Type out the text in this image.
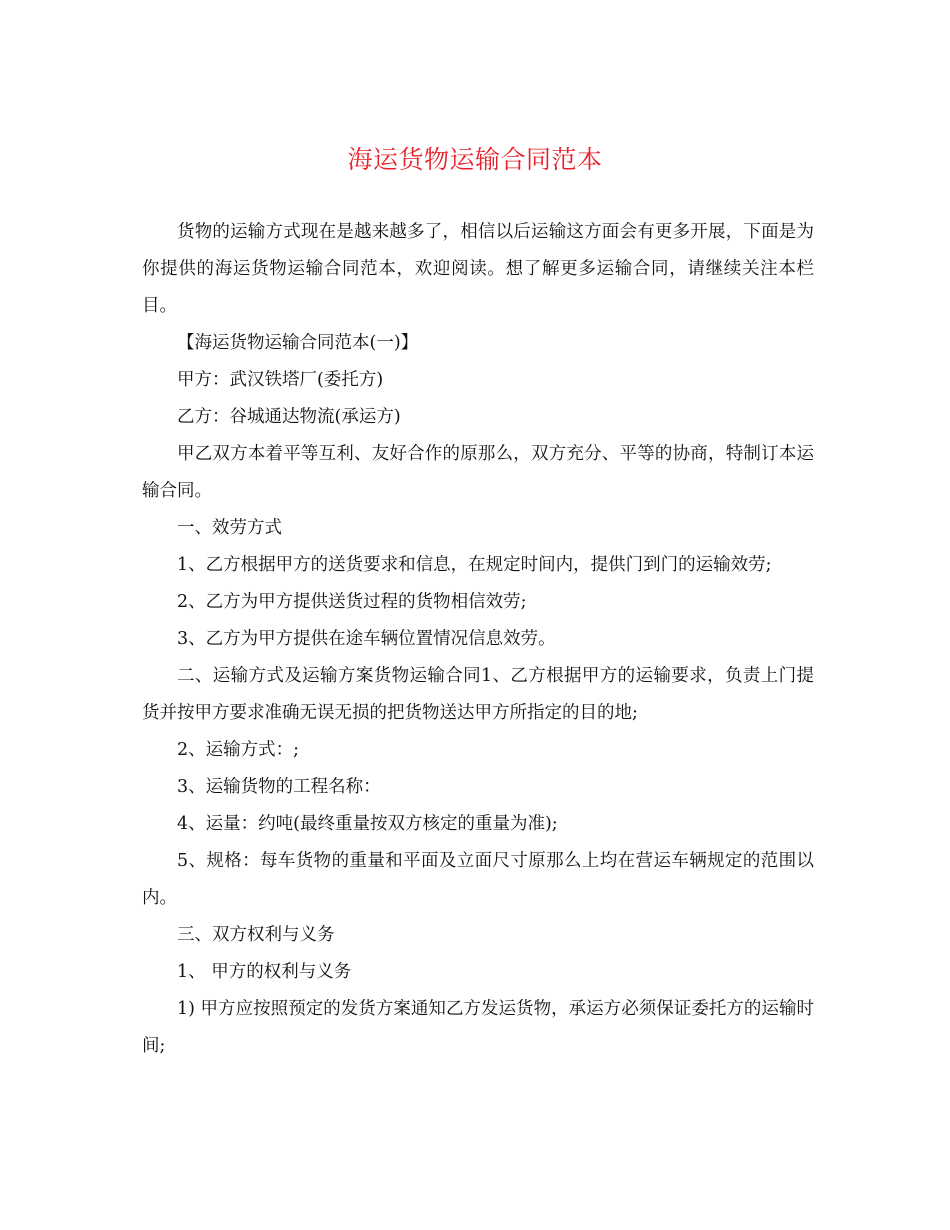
海运货物运输合同范本

货物的运输方式现在是越来越多了，相信以后运输这方面会有更多开展，下面是为你提供的海运货物运输合同范本，欢迎阅读。想了解更多运输合同，请继续关注本栏目。

【海运货物运输合同范本(一)】

甲方：武汉铁塔厂(委托方)

乙方：谷城通达物流(承运方)

甲乙双方本着平等互利、友好合作的原那么，双方充分、平等的协商，特制订本运输合同。

一、效劳方式

1、乙方根据甲方的送货要求和信息，在规定时间内，提供门到门的运输效劳;

2、乙方为甲方提供送货过程的货物相信效劳;

3、乙方为甲方提供在途车辆位置情况信息效劳。

二、运输方式及运输方案货物运输合同1、乙方根据甲方的运输要求，负责上门提货并按甲方要求准确无误无损的把货物送达甲方所指定的目的地;

2、运输方式：;

3、运输货物的工程名称：

4、运量：约吨(最终重量按双方核定的重量为准);

5、规格：每车货物的重量和平面及立面尺寸原那么上均在营运车辆规定的范围以内。

三、双方权利与义务

1、 甲方的权利与义务

1) 甲方应按照预定的发货方案通知乙方发运货物，承运方必须保证委托方的运输时间;
